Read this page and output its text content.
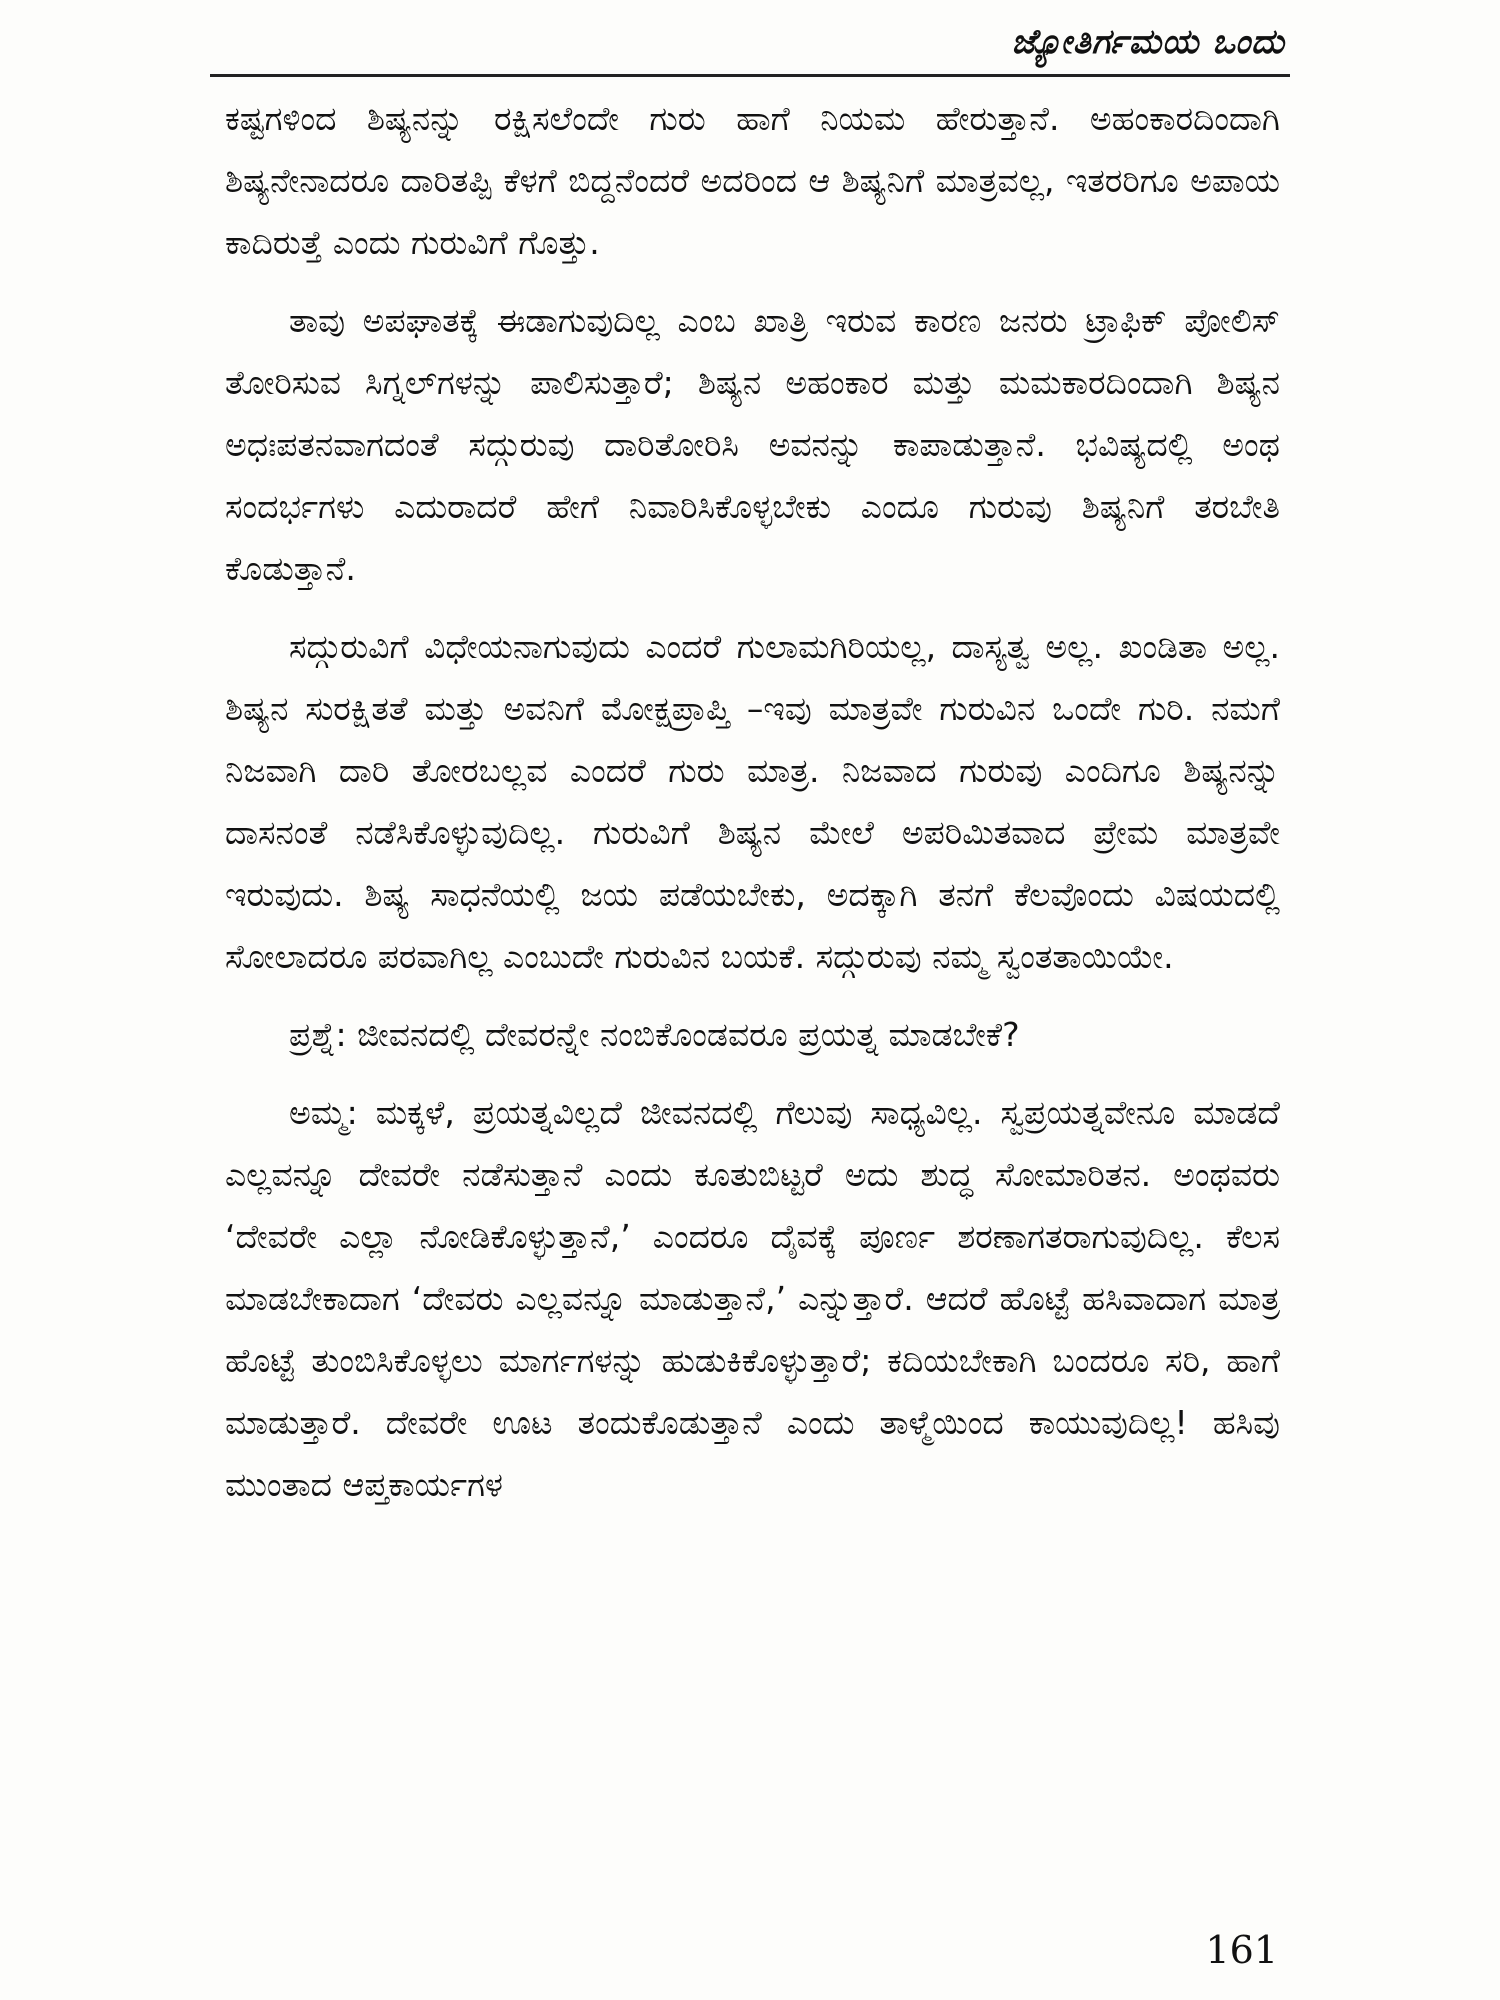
ಜ್ಯೋತಿರ್ಗಮಯ ಒಂದು

ಕಷ್ಟಗಳಿಂದ ಶಿಷ್ಯನನ್ನು ರಕ್ಷಿಸಲೆಂದೇ ಗುರು ಹಾಗೆ ನಿಯಮ ಹೇರುತ್ತಾನೆ. ಅಹಂಕಾರದಿಂದಾಗಿ ಶಿಷ್ಯನೇನಾದರೂ ದಾರಿತಪ್ಪಿ ಕೆಳಗೆ ಬಿದ್ದನೆಂದರೆ ಅದರಿಂದ ಆ ಶಿಷ್ಯನಿಗೆ ಮಾತ್ರವಲ್ಲ, ಇತರರಿಗೂ ಅಪಾಯ ಕಾದಿರುತ್ತೆ ಎಂದು ಗುರುವಿಗೆ ಗೊತ್ತು.

ತಾವು ಅಪಘಾತಕ್ಕೆ ಈಡಾಗುವುದಿಲ್ಲ ಎಂಬ ಖಾತ್ರಿ ಇರುವ ಕಾರಣ ಜನರು ಟ್ರಾಫಿಕ್ ಪೋಲಿಸ್ ತೋರಿಸುವ ಸಿಗ್ನಲ್‌ಗಳನ್ನು ಪಾಲಿಸುತ್ತಾರೆ; ಶಿಷ್ಯನ ಅಹಂಕಾರ ಮತ್ತು ಮಮಕಾರದಿಂದಾಗಿ ಶಿಷ್ಯನ ಅಧಃಪತನವಾಗದಂತೆ ಸದ್ಗುರುವು ದಾರಿತೋರಿಸಿ ಅವನನ್ನು ಕಾಪಾಡುತ್ತಾನೆ. ಭವಿಷ್ಯದಲ್ಲಿ ಅಂಥ ಸಂದರ್ಭಗಳು ಎದುರಾದರೆ ಹೇಗೆ ನಿವಾರಿಸಿಕೊಳ್ಳಬೇಕು ಎಂದೂ ಗುರುವು ಶಿಷ್ಯನಿಗೆ ತರಬೇತಿ ಕೊಡುತ್ತಾನೆ.

ಸದ್ಗುರುವಿಗೆ ವಿಧೇಯನಾಗುವುದು ಎಂದರೆ ಗುಲಾಮಗಿರಿಯಲ್ಲ, ದಾಸ್ಯತ್ವ ಅಲ್ಲ. ಖಂಡಿತಾ ಅಲ್ಲ. ಶಿಷ್ಯನ ಸುರಕ್ಷಿತತೆ ಮತ್ತು ಅವನಿಗೆ ಮೋಕ್ಷಪ್ರಾಪ್ತಿ –ಇವು ಮಾತ್ರವೇ ಗುರುವಿನ ಒಂದೇ ಗುರಿ. ನಮಗೆ ನಿಜವಾಗಿ ದಾರಿ ತೋರಬಲ್ಲವ ಎಂದರೆ ಗುರು ಮಾತ್ರ. ನಿಜವಾದ ಗುರುವು ಎಂದಿಗೂ ಶಿಷ್ಯನನ್ನು ದಾಸನಂತೆ ನಡೆಸಿಕೊಳ್ಳುವುದಿಲ್ಲ. ಗುರುವಿಗೆ ಶಿಷ್ಯನ ಮೇಲೆ ಅಪರಿಮಿತವಾದ ಪ್ರೇಮ ಮಾತ್ರವೇ ಇರುವುದು. ಶಿಷ್ಯ ಸಾಧನೆಯಲ್ಲಿ ಜಯ ಪಡೆಯಬೇಕು, ಅದಕ್ಕಾಗಿ ತನಗೆ ಕೆಲವೊಂದು ವಿಷಯದಲ್ಲಿ ಸೋಲಾದರೂ ಪರವಾಗಿಲ್ಲ ಎಂಬುದೇ ಗುರುವಿನ ಬಯಕೆ. ಸದ್ಗುರುವು ನಮ್ಮ ಸ್ವಂತತಾಯಿಯೇ.

ಪ್ರಶ್ನೆ: ಜೀವನದಲ್ಲಿ ದೇವರನ್ನೇ ನಂಬಿಕೊಂಡವರೂ ಪ್ರಯತ್ನ ಮಾಡಬೇಕೆ?

ಅಮ್ಮ: ಮಕ್ಕಳೆ, ಪ್ರಯತ್ನವಿಲ್ಲದೆ ಜೀವನದಲ್ಲಿ ಗೆಲುವು ಸಾಧ್ಯವಿಲ್ಲ. ಸ್ವಪ್ರಯತ್ನವೇನೂ ಮಾಡದೆ ಎಲ್ಲವನ್ನೂ ದೇವರೇ ನಡೆಸುತ್ತಾನೆ ಎಂದು ಕೂತುಬಿಟ್ಟರೆ ಅದು ಶುದ್ಧ ಸೋಮಾರಿತನ. ಅಂಥವರು ‘ದೇವರೇ ಎಲ್ಲಾ ನೋಡಿಕೊಳ್ಳುತ್ತಾನೆ,’ ಎಂದರೂ ದೈವಕ್ಕೆ ಪೂರ್ಣ ಶರಣಾಗತರಾಗುವುದಿಲ್ಲ. ಕೆಲಸ ಮಾಡಬೇಕಾದಾಗ ‘ದೇವರು ಎಲ್ಲವನ್ನೂ ಮಾಡುತ್ತಾನೆ,’ ಎನ್ನುತ್ತಾರೆ. ಆದರೆ ಹೊಟ್ಟೆ ಹಸಿವಾದಾಗ ಮಾತ್ರ ಹೊಟ್ಟೆ ತುಂಬಿಸಿಕೊಳ್ಳಲು ಮಾರ್ಗಗಳನ್ನು ಹುಡುಕಿಕೊಳ್ಳುತ್ತಾರೆ; ಕದಿಯಬೇಕಾಗಿ ಬಂದರೂ ಸರಿ, ಹಾಗೆ ಮಾಡುತ್ತಾರೆ. ದೇವರೇ ಊಟ ತಂದುಕೊಡುತ್ತಾನೆ ಎಂದು ತಾಳ್ಮೆಯಿಂದ ಕಾಯುವುದಿಲ್ಲ! ಹಸಿವು ಮುಂತಾದ ಆಪ್ತಕಾರ್ಯಗಳ

161
